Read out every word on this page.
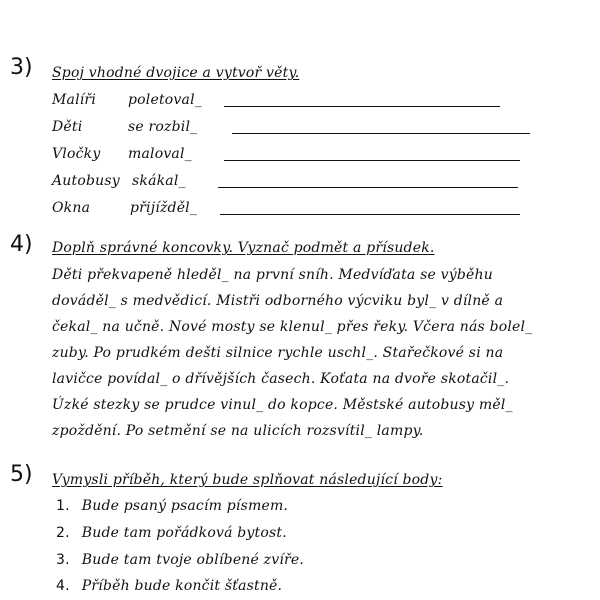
3) Spoj vhodné dvojice a vytvoř věty.
Malíři poletoval_
Děti	se rozbil_
Vločky maloval_
Autobusy skákal_
Okna	přijížděl_
4) Doplň správné koncovky. Vyznač podmět a přísudek.
Děti překvapeně hleděl_ na první sníh. Medvíďata se výběhu
dováděl_ s medvědicí. Mistři odborného výcviku byl_ v dílně a
čekal_ na učně. Nové mosty se klenul_ přes řeky. Včera nás bolel_
zuby. Po prudkém dešti silnice rychle uschl_. Stařečkové si na
lavičce povídal_ o dřívějších časech. Koťata na dvoře skotačil_.
Úzké stezky se prudce vinul_ do kopce. Městské autobusy měl_
zpoždění. Po setmění se na ulicích rozsvítil_ lampy.
5) Vymysli příběh, který bude splňovat následující body:
1. Bude psaný psacím písmem.
2. Bude tam pořádková bytost.
3. Bude tam tvoje oblíbené zvíře.
4. Příběh bude končit šťastně.
